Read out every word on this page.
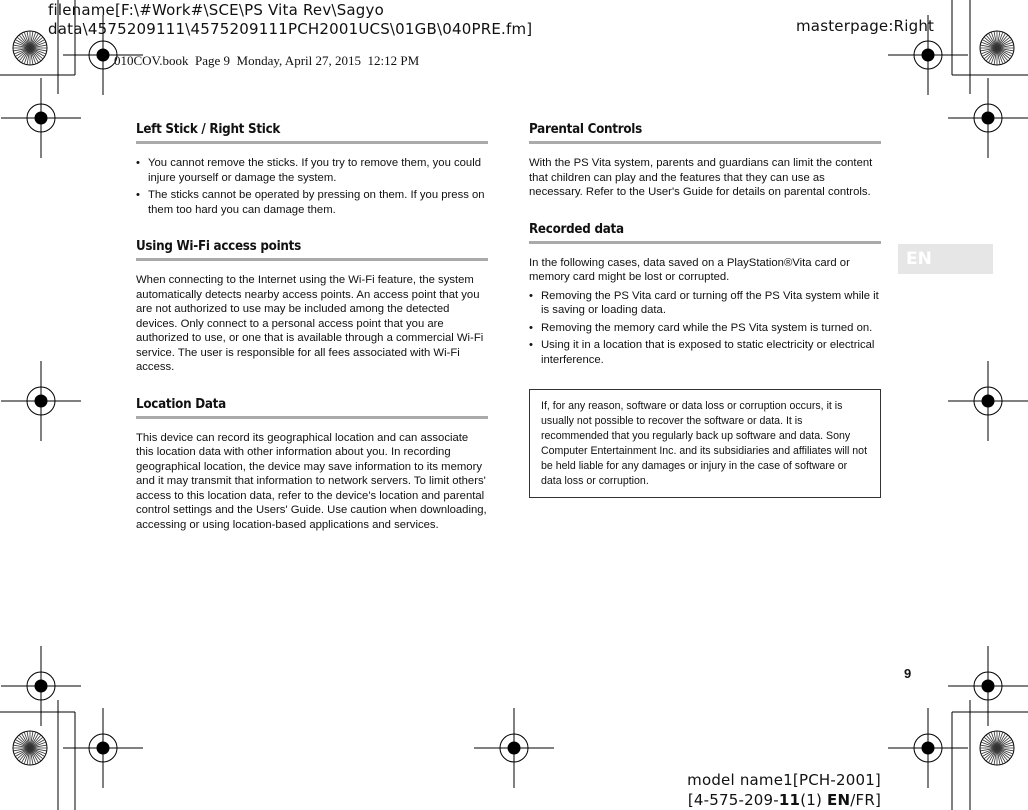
filename[F:\#Work#\SCE\PS Vita Rev\Sagyo
data\4575209111\4575209111PCH2001UCS\01GB\040PRE.fm]	masterpage:Right
010COV.book  Page 9  Monday, April 27, 2015  12:12 PM
Left Stick / Right Stick
• You cannot remove the sticks. If you try to remove them, you could injure yourself or damage the system.
• The sticks cannot be operated by pressing on them. If you press on them too hard you can damage them.
Using Wi-Fi access points

When connecting to the Internet using the Wi-Fi feature, the system automatically detects nearby access points. An access point that you are not authorized to use may be included among the detected devices. Only connect to a personal access point that you are authorized to use, or one that is available through a commercial Wi-Fi service. The user is responsible for all fees associated with Wi-Fi access.

Location Data

This device can record its geographical location and can associate this location data with other information about you. In recording geographical location, the device may save information to its memory and it may transmit that information to network servers. To limit others' access to this location data, refer to the device's location and parental control settings and the Users' Guide. Use caution when downloading, accessing or using location-based applications and services.

Parental Controls

With the PS Vita system, parents and guardians can limit the content that children can play and the features that they can use as necessary. Refer to the User's Guide for details on parental controls.

Recorded data

In the following cases, data saved on a PlayStation®Vita card or memory card might be lost or corrupted.

• Removing the PS Vita card or turning off the PS Vita system while it is saving or loading data.
• Removing the memory card while the PS Vita system is turned on.
• Using it in a location that is exposed to static electricity or electrical interference.
If, for any reason, software or data loss or corruption occurs, it is usually not possible to recover the software or data. It is recommended that you regularly back up software and data. Sony Computer Entertainment Inc. and its subsidiaries and affiliates will not be held liable for any damages or injury in the case of software or data loss or corruption.
EN
9
model name1[PCH-2001]
[4-575-209-11(1) EN/FR]
